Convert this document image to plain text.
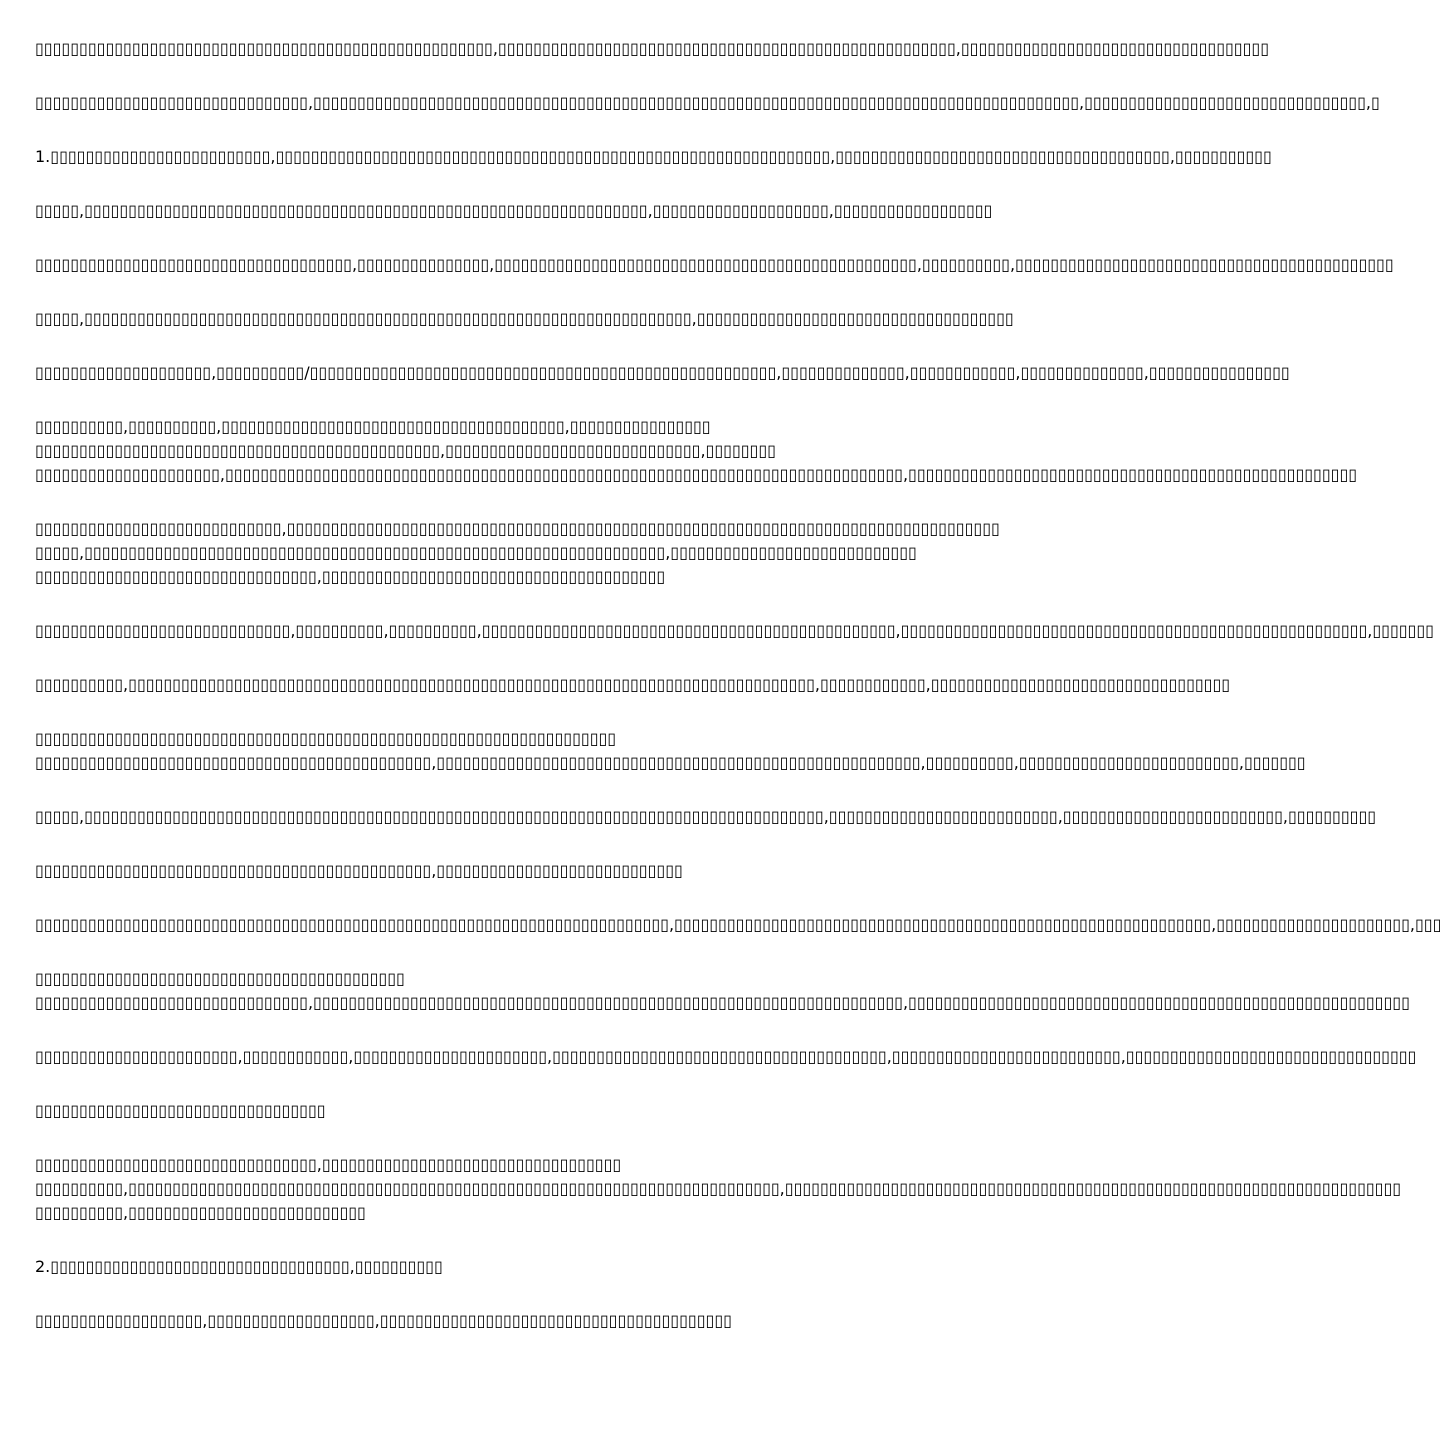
▯▯▯▯▯▯▯▯▯▯▯▯▯▯▯▯▯▯▯▯▯▯▯▯▯▯▯▯▯▯▯▯▯▯▯▯▯▯▯▯▯▯▯▯▯▯▯▯▯▯▯▯,▯▯▯▯▯▯▯▯▯▯▯▯▯▯▯▯▯▯▯▯▯▯▯▯▯▯▯▯▯▯▯▯▯▯▯▯▯▯▯▯▯▯▯▯▯▯▯▯▯▯▯▯,▯▯▯▯▯▯▯▯▯▯▯▯▯▯▯▯▯▯▯▯▯▯▯▯▯▯▯▯▯▯▯▯▯▯▯
▯▯▯▯▯▯▯▯▯▯▯▯▯▯▯▯▯▯▯▯▯▯▯▯▯▯▯▯▯▯▯,▯▯▯▯▯▯▯▯▯▯▯▯▯▯▯▯▯▯▯▯▯▯▯▯▯▯▯▯▯▯▯▯▯▯▯▯▯▯▯▯▯▯▯▯▯▯▯▯▯▯▯▯▯▯▯▯▯▯▯▯▯▯▯▯▯▯▯▯▯▯▯▯▯▯▯▯▯▯▯▯▯▯▯▯▯▯▯,▯▯▯▯▯▯▯▯▯▯▯▯▯▯▯▯▯▯▯▯▯▯▯▯▯▯▯▯▯▯▯▯,▯
1.▯▯▯▯▯▯▯▯▯▯▯▯▯▯▯▯▯▯▯▯▯▯▯▯▯,▯▯▯▯▯▯▯▯▯▯▯▯▯▯▯▯▯▯▯▯▯▯▯▯▯▯▯▯▯▯▯▯▯▯▯▯▯▯▯▯▯▯▯▯▯▯▯▯▯▯▯▯▯▯▯▯▯▯▯▯▯▯▯,▯▯▯▯▯▯▯▯▯▯▯▯▯▯▯▯▯▯▯▯▯▯▯▯▯▯▯▯▯▯▯▯▯▯▯▯▯▯,▯▯▯▯▯▯▯▯▯▯▯
▯▯▯▯▯,▯▯▯▯▯▯▯▯▯▯▯▯▯▯▯▯▯▯▯▯▯▯▯▯▯▯▯▯▯▯▯▯▯▯▯▯▯▯▯▯▯▯▯▯▯▯▯▯▯▯▯▯▯▯▯▯▯▯▯▯▯▯▯▯,▯▯▯▯▯▯▯▯▯▯▯▯▯▯▯▯▯▯▯▯,▯▯▯▯▯▯▯▯▯▯▯▯▯▯▯▯▯▯
▯▯▯▯▯▯▯▯▯▯▯▯▯▯▯▯▯▯▯▯▯▯▯▯▯▯▯▯▯▯▯▯▯▯▯▯,▯▯▯▯▯▯▯▯▯▯▯▯▯▯▯,▯▯▯▯▯▯▯▯▯▯▯▯▯▯▯▯▯▯▯▯▯▯▯▯▯▯▯▯▯▯▯▯▯▯▯▯▯▯▯▯▯▯▯▯▯▯▯▯,▯▯▯▯▯▯▯▯▯▯,▯▯▯▯▯▯▯▯▯▯▯▯▯▯▯▯▯▯▯▯▯▯▯▯▯▯▯▯▯▯▯▯▯▯▯▯▯▯▯▯▯▯▯
▯▯▯▯▯,▯▯▯▯▯▯▯▯▯▯▯▯▯▯▯▯▯▯▯▯▯▯▯▯▯▯▯▯▯▯▯▯▯▯▯▯▯▯▯▯▯▯▯▯▯▯▯▯▯▯▯▯▯▯▯▯▯▯▯▯▯▯▯▯▯▯▯▯▯,▯▯▯▯▯▯▯▯▯▯▯▯▯▯▯▯▯▯▯▯▯▯▯▯▯▯▯▯▯▯▯▯▯▯▯▯
▯▯▯▯▯▯▯▯▯▯▯▯▯▯▯▯▯▯▯▯,▯▯▯▯▯▯▯▯▯▯/▯▯▯▯▯▯▯▯▯▯▯▯▯▯▯▯▯▯▯▯▯▯▯▯▯▯▯▯▯▯▯▯▯▯▯▯▯▯▯▯▯▯▯▯▯▯▯▯▯▯▯▯▯,▯▯▯▯▯▯▯▯▯▯▯▯▯▯,▯▯▯▯▯▯▯▯▯▯▯▯,▯▯▯▯▯▯▯▯▯▯▯▯▯▯,▯▯▯▯▯▯▯▯▯▯▯▯▯▯▯▯
▯▯▯▯▯▯▯▯▯▯,▯▯▯▯▯▯▯▯▯▯,▯▯▯▯▯▯▯▯▯▯▯▯▯▯▯▯▯▯▯▯▯▯▯▯▯▯▯▯▯▯▯▯▯▯▯▯▯▯▯,▯▯▯▯▯▯▯▯▯▯▯▯▯▯▯▯
▯▯▯▯▯▯▯▯▯▯▯▯▯▯▯▯▯▯▯▯▯▯▯▯▯▯▯▯▯▯▯▯▯▯▯▯▯▯▯▯▯▯▯▯▯▯,▯▯▯▯▯▯▯▯▯▯▯▯▯▯▯▯▯▯▯▯▯▯▯▯▯▯▯▯▯,▯▯▯▯▯▯▯▯
▯▯▯▯▯▯▯▯▯▯▯▯▯▯▯▯▯▯▯▯▯,▯▯▯▯▯▯▯▯▯▯▯▯▯▯▯▯▯▯▯▯▯▯▯▯▯▯▯▯▯▯▯▯▯▯▯▯▯▯▯▯▯▯▯▯▯▯▯▯▯▯▯▯▯▯▯▯▯▯▯▯▯▯▯▯▯▯▯▯▯▯▯▯▯▯▯▯▯,▯▯▯▯▯▯▯▯▯▯▯▯▯▯▯▯▯▯▯▯▯▯▯▯▯▯▯▯▯▯▯▯▯▯▯▯▯▯▯▯▯▯▯▯▯▯▯▯▯▯▯
▯▯▯▯▯▯▯▯▯▯▯▯▯▯▯▯▯▯▯▯▯▯▯▯▯▯▯▯,▯▯▯▯▯▯▯▯▯▯▯▯▯▯▯▯▯▯▯▯▯▯▯▯▯▯▯▯▯▯▯▯▯▯▯▯▯▯▯▯▯▯▯▯▯▯▯▯▯▯▯▯▯▯▯▯▯▯▯▯▯▯▯▯▯▯▯▯▯▯▯▯▯▯▯▯▯▯▯▯▯
▯▯▯▯▯,▯▯▯▯▯▯▯▯▯▯▯▯▯▯▯▯▯▯▯▯▯▯▯▯▯▯▯▯▯▯▯▯▯▯▯▯▯▯▯▯▯▯▯▯▯▯▯▯▯▯▯▯▯▯▯▯▯▯▯▯▯▯▯▯▯▯,▯▯▯▯▯▯▯▯▯▯▯▯▯▯▯▯▯▯▯▯▯▯▯▯▯▯▯▯
▯▯▯▯▯▯▯▯▯▯▯▯▯▯▯▯▯▯▯▯▯▯▯▯▯▯▯▯▯▯▯▯,▯▯▯▯▯▯▯▯▯▯▯▯▯▯▯▯▯▯▯▯▯▯▯▯▯▯▯▯▯▯▯▯▯▯▯▯▯▯▯
▯▯▯▯▯▯▯▯▯▯▯▯▯▯▯▯▯▯▯▯▯▯▯▯▯▯▯▯▯,▯▯▯▯▯▯▯▯▯▯,▯▯▯▯▯▯▯▯▯▯,▯▯▯▯▯▯▯▯▯▯▯▯▯▯▯▯▯▯▯▯▯▯▯▯▯▯▯▯▯▯▯▯▯▯▯▯▯▯▯▯▯▯▯▯▯▯▯,▯▯▯▯▯▯▯▯▯▯▯▯▯▯▯▯▯▯▯▯▯▯▯▯▯▯▯▯▯▯▯▯▯▯▯▯▯▯▯▯▯▯▯▯▯▯▯▯▯▯▯▯▯,▯▯▯▯▯▯▯
▯▯▯▯▯▯▯▯▯▯,▯▯▯▯▯▯▯▯▯▯▯▯▯▯▯▯▯▯▯▯▯▯▯▯▯▯▯▯▯▯▯▯▯▯▯▯▯▯▯▯▯▯▯▯▯▯▯▯▯▯▯▯▯▯▯▯▯▯▯▯▯▯▯▯▯▯▯▯▯▯▯▯▯▯▯▯▯▯,▯▯▯▯▯▯▯▯▯▯▯▯,▯▯▯▯▯▯▯▯▯▯▯▯▯▯▯▯▯▯▯▯▯▯▯▯▯▯▯▯▯▯▯▯▯▯
▯▯▯▯▯▯▯▯▯▯▯▯▯▯▯▯▯▯▯▯▯▯▯▯▯▯▯▯▯▯▯▯▯▯▯▯▯▯▯▯▯▯▯▯▯▯▯▯▯▯▯▯▯▯▯▯▯▯▯▯▯▯▯▯▯▯
▯▯▯▯▯▯▯▯▯▯▯▯▯▯▯▯▯▯▯▯▯▯▯▯▯▯▯▯▯▯▯▯▯▯▯▯▯▯▯▯▯▯▯▯▯,▯▯▯▯▯▯▯▯▯▯▯▯▯▯▯▯▯▯▯▯▯▯▯▯▯▯▯▯▯▯▯▯▯▯▯▯▯▯▯▯▯▯▯▯▯▯▯▯▯▯▯▯▯▯▯,▯▯▯▯▯▯▯▯▯▯,▯▯▯▯▯▯▯▯▯▯▯▯▯▯▯▯▯▯▯▯▯▯▯▯▯,▯▯▯▯▯▯▯
▯▯▯▯▯,▯▯▯▯▯▯▯▯▯▯▯▯▯▯▯▯▯▯▯▯▯▯▯▯▯▯▯▯▯▯▯▯▯▯▯▯▯▯▯▯▯▯▯▯▯▯▯▯▯▯▯▯▯▯▯▯▯▯▯▯▯▯▯▯▯▯▯▯▯▯▯▯▯▯▯▯▯▯▯▯▯▯▯▯,▯▯▯▯▯▯▯▯▯▯▯▯▯▯▯▯▯▯▯▯▯▯▯▯▯▯,▯▯▯▯▯▯▯▯▯▯▯▯▯▯▯▯▯▯▯▯▯▯▯▯▯,▯▯▯▯▯▯▯▯▯▯
▯▯▯▯▯▯▯▯▯▯▯▯▯▯▯▯▯▯▯▯▯▯▯▯▯▯▯▯▯▯▯▯▯▯▯▯▯▯▯▯▯▯▯▯▯,▯▯▯▯▯▯▯▯▯▯▯▯▯▯▯▯▯▯▯▯▯▯▯▯▯▯▯▯
▯▯▯▯▯▯▯▯▯▯▯▯▯▯▯▯▯▯▯▯▯▯▯▯▯▯▯▯▯▯▯▯▯▯▯▯▯▯▯▯▯▯▯▯▯▯▯▯▯▯▯▯▯▯▯▯▯▯▯▯▯▯▯▯▯▯▯▯▯▯▯▯,▯▯▯▯▯▯▯▯▯▯▯▯▯▯▯▯▯▯▯▯▯▯▯▯▯▯▯▯▯▯▯▯▯▯▯▯▯▯▯▯▯▯▯▯▯▯▯▯▯▯▯▯▯▯▯▯▯▯▯▯▯,▯▯▯▯▯▯▯▯▯▯▯▯▯▯▯▯▯▯▯▯▯▯,▯▯▯
▯▯▯▯▯▯▯▯▯▯▯▯▯▯▯▯▯▯▯▯▯▯▯▯▯▯▯▯▯▯▯▯▯▯▯▯▯▯▯▯▯▯
▯▯▯▯▯▯▯▯▯▯▯▯▯▯▯▯▯▯▯▯▯▯▯▯▯▯▯▯▯▯▯,▯▯▯▯▯▯▯▯▯▯▯▯▯▯▯▯▯▯▯▯▯▯▯▯▯▯▯▯▯▯▯▯▯▯▯▯▯▯▯▯▯▯▯▯▯▯▯▯▯▯▯▯▯▯▯▯▯▯▯▯▯▯▯▯▯▯▯,▯▯▯▯▯▯▯▯▯▯▯▯▯▯▯▯▯▯▯▯▯▯▯▯▯▯▯▯▯▯▯▯▯▯▯▯▯▯▯▯▯▯▯▯▯▯▯▯▯▯▯▯▯▯▯▯▯
▯▯▯▯▯▯▯▯▯▯▯▯▯▯▯▯▯▯▯▯▯▯▯,▯▯▯▯▯▯▯▯▯▯▯▯,▯▯▯▯▯▯▯▯▯▯▯▯▯▯▯▯▯▯▯▯▯▯,▯▯▯▯▯▯▯▯▯▯▯▯▯▯▯▯▯▯▯▯▯▯▯▯▯▯▯▯▯▯▯▯▯▯▯▯▯▯,▯▯▯▯▯▯▯▯▯▯▯▯▯▯▯▯▯▯▯▯▯▯▯▯▯▯,▯▯▯▯▯▯▯▯▯▯▯▯▯▯▯▯▯▯▯▯▯▯▯▯▯▯▯▯▯▯▯▯▯
▯▯▯▯▯▯▯▯▯▯▯▯▯▯▯▯▯▯▯▯▯▯▯▯▯▯▯▯▯▯▯▯▯
▯▯▯▯▯▯▯▯▯▯▯▯▯▯▯▯▯▯▯▯▯▯▯▯▯▯▯▯▯▯▯▯,▯▯▯▯▯▯▯▯▯▯▯▯▯▯▯▯▯▯▯▯▯▯▯▯▯▯▯▯▯▯▯▯▯▯
▯▯▯▯▯▯▯▯▯▯,▯▯▯▯▯▯▯▯▯▯▯▯▯▯▯▯▯▯▯▯▯▯▯▯▯▯▯▯▯▯▯▯▯▯▯▯▯▯▯▯▯▯▯▯▯▯▯▯▯▯▯▯▯▯▯▯▯▯▯▯▯▯▯▯▯▯▯▯▯▯▯▯▯▯,▯▯▯▯▯▯▯▯▯▯▯▯▯▯▯▯▯▯▯▯▯▯▯▯▯▯▯▯▯▯▯▯▯▯▯▯▯▯▯▯▯▯▯▯▯▯▯▯▯▯▯▯▯▯▯▯▯▯▯▯▯▯▯▯▯▯▯▯▯▯
▯▯▯▯▯▯▯▯▯▯,▯▯▯▯▯▯▯▯▯▯▯▯▯▯▯▯▯▯▯▯▯▯▯▯▯▯▯
2.▯▯▯▯▯▯▯▯▯▯▯▯▯▯▯▯▯▯▯▯▯▯▯▯▯▯▯▯▯▯▯▯▯▯,▯▯▯▯▯▯▯▯▯▯
▯▯▯▯▯▯▯▯▯▯▯▯▯▯▯▯▯▯▯,▯▯▯▯▯▯▯▯▯▯▯▯▯▯▯▯▯▯▯,▯▯▯▯▯▯▯▯▯▯▯▯▯▯▯▯▯▯▯▯▯▯▯▯▯▯▯▯▯▯▯▯▯▯▯▯▯▯▯▯
